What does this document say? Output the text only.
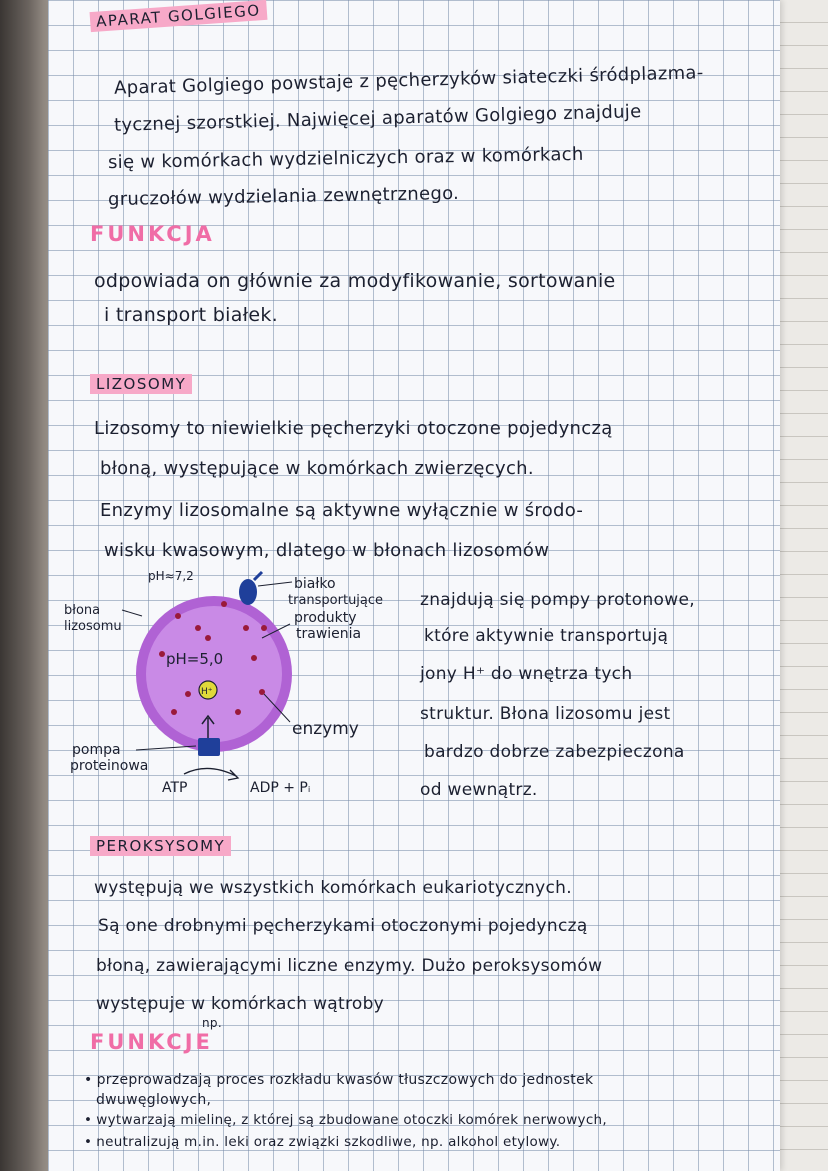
APARAT GOLGIEGO
Aparat Golgiego powstaje z pęcherzyków siateczki śródplazma-
tycznej szorstkiej. Najwięcej aparatów Golgiego znajduje
się w komórkach wydzielniczych oraz w komórkach
gruczołów wydzielania zewnętrznego.
FUNKCJA
odpowiada on głównie za modyfikowanie, sortowanie
i transport białek.
LIZOSOMY
Lizosomy to niewielkie pęcherzyki otoczone pojedynczą
błoną, występujące w komórkach zwierzęcych.
Enzymy lizosomalne są aktywne wyłącznie w środo-
wisku kwasowym, dlatego w błonach lizosomów
znajdują się pompy protonowe,
które aktywnie transportują
jony H⁺ do wnętrza tych
struktur. Błona lizosomu jest
bardzo dobrze zabezpieczona
od wewnątrz.
pH=5,0
H⁺
pH≈7,2
błona
lizosomu
białko
transportujące
produkty
trawienia
enzymy
pompa
proteinowa
ATP	ADP + Pᵢ
PEROKSYSOMY
występują we wszystkich komórkach eukariotycznych.
Są one drobnymi pęcherzykami otoczonymi pojedynczą
błoną, zawierającymi liczne enzymy. Dużo peroksysomów
występuje w komórkach wątroby
np.
FUNKCJE
• przeprowadzają proces rozkładu kwasów tłuszczowych do jednostek
dwuwęglowych,
• wytwarzają mielinę, z której są zbudowane otoczki komórek nerwowych,
• neutralizują m.in. leki oraz związki szkodliwe, np. alkohol etylowy.
